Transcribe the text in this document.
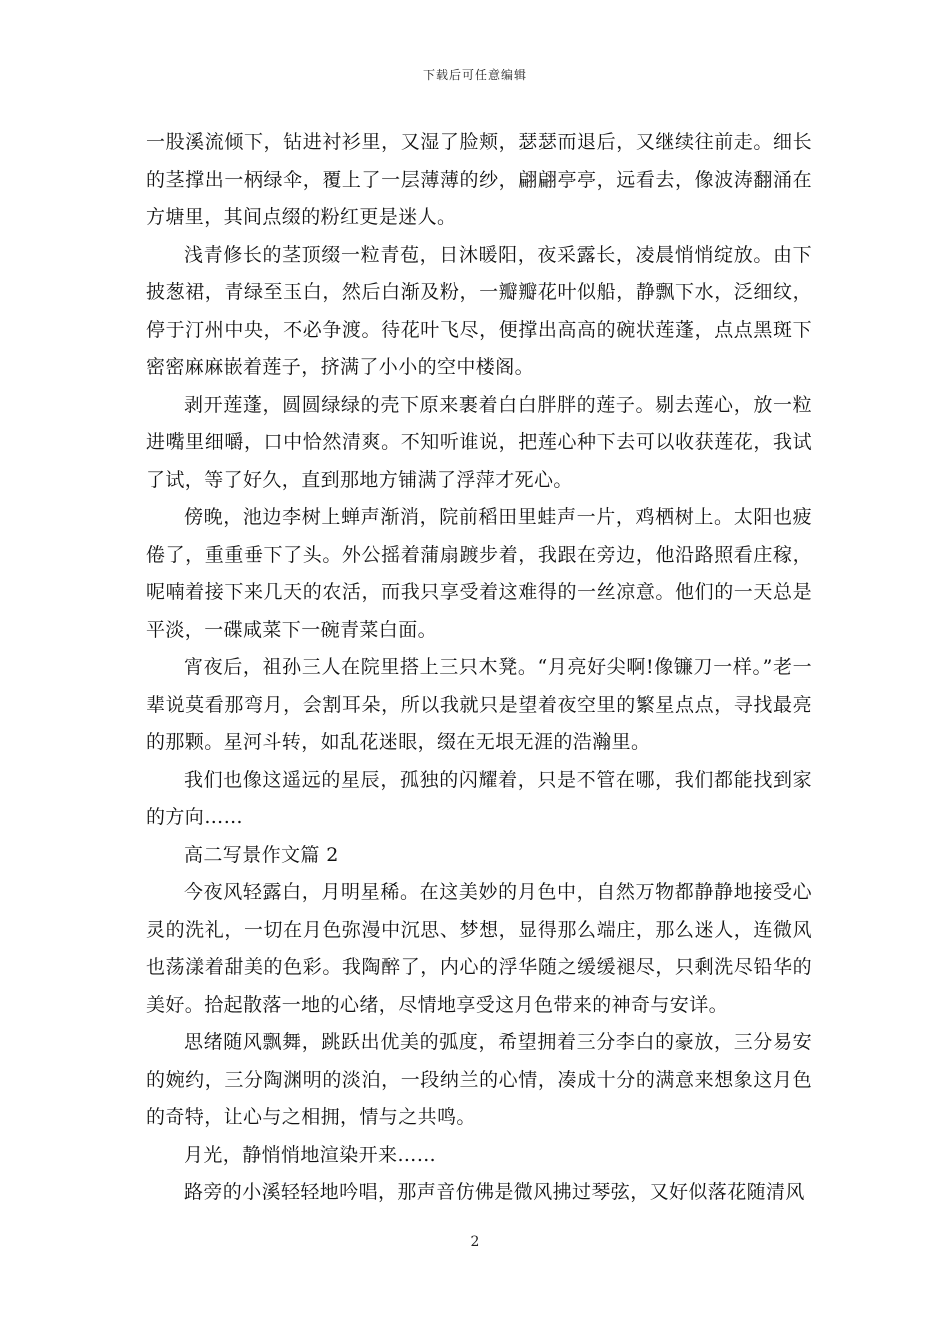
下载后可任意编辑

一股溪流倾下，钻进衬衫里，又湿了脸颊，瑟瑟而退后，又继续往前走。细长的茎撑出一柄绿伞，覆上了一层薄薄的纱，翩翩亭亭，远看去，像波涛翻涌在方塘里，其间点缀的粉红更是迷人。

浅青修长的茎顶缀一粒青苞，日沐暖阳，夜采露长，凌晨悄悄绽放。由下披葱裙，青绿至玉白，然后白渐及粉，一瓣瓣花叶似船，静飘下水，泛细纹，停于汀州中央，不必争渡。待花叶飞尽，便撑出高高的碗状莲蓬，点点黑斑下密密麻麻嵌着莲子，挤满了小小的空中楼阁。

剥开莲蓬，圆圆绿绿的壳下原来裹着白白胖胖的莲子。剔去莲心，放一粒进嘴里细嚼，口中恰然清爽。不知听谁说，把莲心种下去可以收获莲花，我试了试，等了好久，直到那地方铺满了浮萍才死心。

傍晚，池边李树上蝉声渐消，院前稻田里蛙声一片，鸡栖树上。太阳也疲倦了，重重垂下了头。外公摇着蒲扇踱步着，我跟在旁边，他沿路照看庄稼，呢喃着接下来几天的农活，而我只享受着这难得的一丝凉意。他们的一天总是平淡，一碟咸菜下一碗青菜白面。

宵夜后，祖孙三人在院里搭上三只木凳。“月亮好尖啊!像镰刀一样。”老一辈说莫看那弯月，会割耳朵，所以我就只是望着夜空里的繁星点点，寻找最亮的那颗。星河斗转，如乱花迷眼，缀在无垠无涯的浩瀚里。

我们也像这遥远的星辰，孤独的闪耀着，只是不管在哪，我们都能找到家的方向……

高二写景作文篇 2

今夜风轻露白，月明星稀。在这美妙的月色中，自然万物都静静地接受心灵的洗礼，一切在月色弥漫中沉思、梦想，显得那么端庄，那么迷人，连微风也荡漾着甜美的色彩。我陶醉了，内心的浮华随之缓缓褪尽，只剩洗尽铅华的美好。拾起散落一地的心绪，尽情地享受这月色带来的神奇与安详。

思绪随风飘舞，跳跃出优美的弧度，希望拥着三分李白的豪放，三分易安的婉约，三分陶渊明的淡泊，一段纳兰的心情，凑成十分的满意来想象这月色的奇特，让心与之相拥，情与之共鸣。

月光，静悄悄地渲染开来……

路旁的小溪轻轻地吟唱，那声音仿佛是微风拂过琴弦，又好似落花随清风

2
